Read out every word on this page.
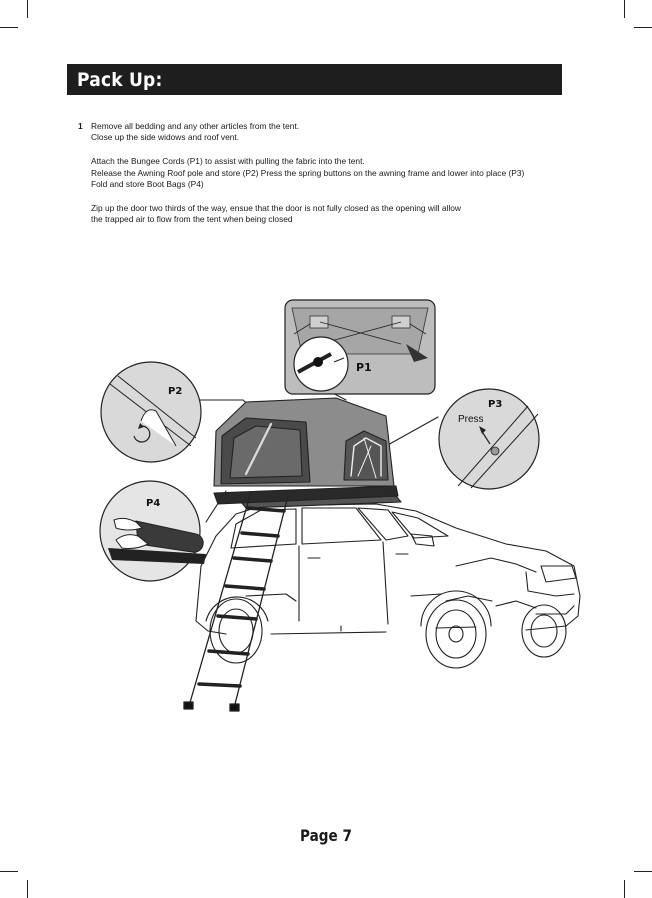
Pack Up:
1 Remove all bedding and any other articles from the tent.
Close up the side widows and roof vent.

Attach the Bungee Cords (P1) to assist with pulling the fabric into the tent.
Release the Awning Roof pole and store (P2) Press the spring buttons on the awning frame and lower into place (P3)
Fold and store Boot Bags (P4)

Zip up the door two thirds of the way, ensue that the door is not fully closed as the opening will allow
the trapped air to flow from the tent when being closed

P1
P2
P3
Press
P4
Page 7
